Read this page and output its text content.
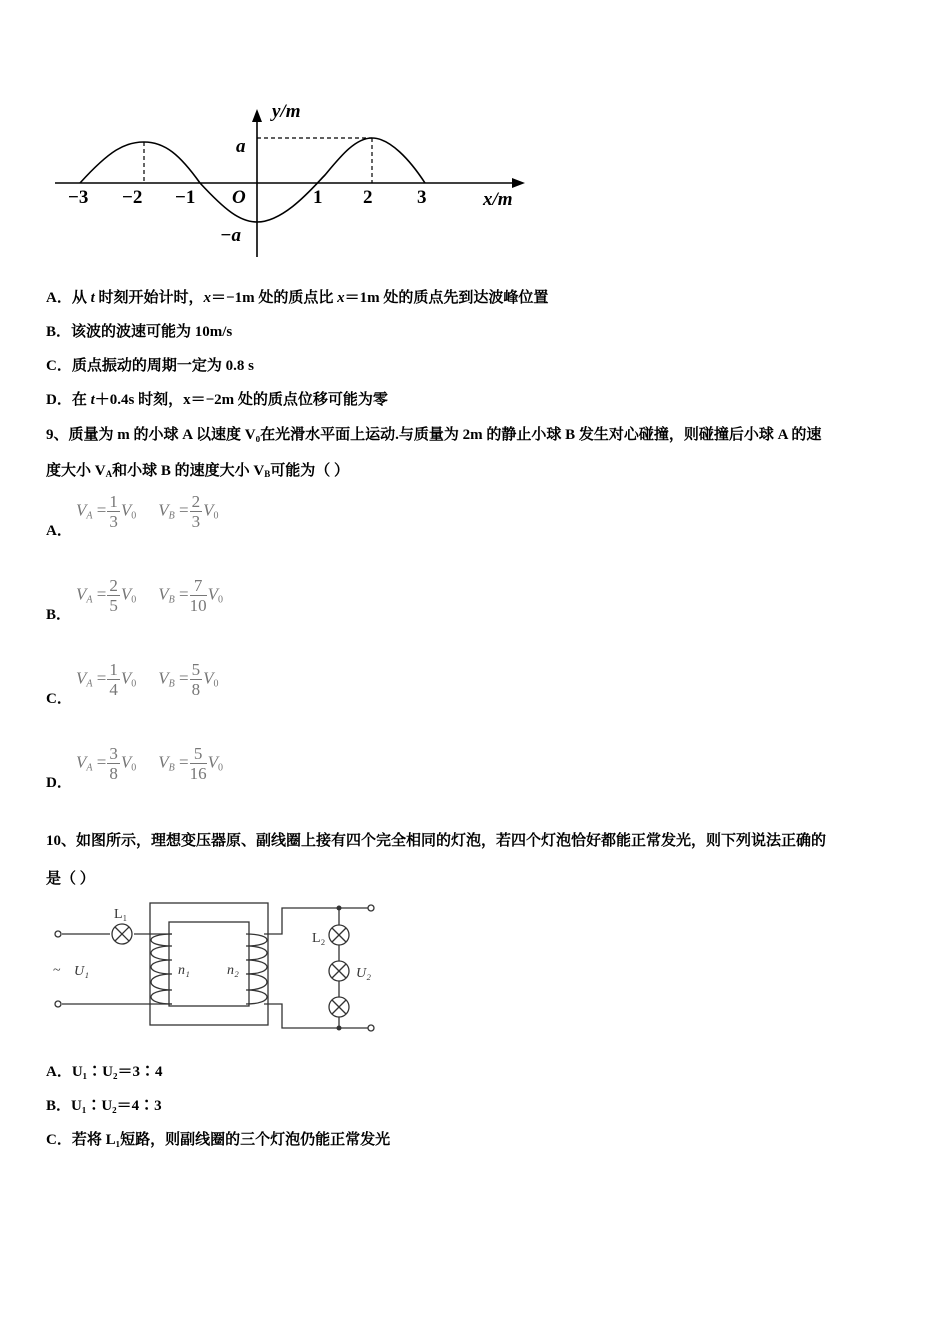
y/m
x/m
a
−a
O
−3 −2 −1	1 2 3
A．从 t 时刻开始计时，x＝−1m 处的质点比 x＝1m 处的质点先到达波峰位置
B．该波的波速可能为 10m/s
C．质点振动的周期一定为 0.8 s
D．在 t＋0.4s 时刻，x＝−2m 处的质点位移可能为零
9、质量为 m 的小球 A 以速度 V₀在光滑水平面上运动.与质量为 2m 的静止小球 B 发生对心碰撞，则碰撞后小球 A 的速
度大小 $V_A$和小球 B 的速度大小 $V_B$可能为（ ）
A．
VA = $\frac{1}{3} V0$ VB = $\frac{2}{3} V0$
B．
VA = $\frac{2}{5} V0$ VB = $\frac{7}{10} V0$
C．
VA = $\frac{1}{4} V0$ VB = $\frac{5}{8} V0$
D．
VA = $\frac{3}{8} V0$ VB = $\frac{5}{16} V0$
10、如图所示，理想变压器原、副线圈上接有四个完全相同的灯泡，若四个灯泡恰好都能正常发光，则下列说法正确的
是（ ）
L₁
L₂
n₁	n₂
U₁	U₂
~
A．U₁∶U₂＝3∶4
B．U₁∶U₂＝4∶3
C．若将 L₁短路，则副线圈的三个灯泡仍能正常发光
